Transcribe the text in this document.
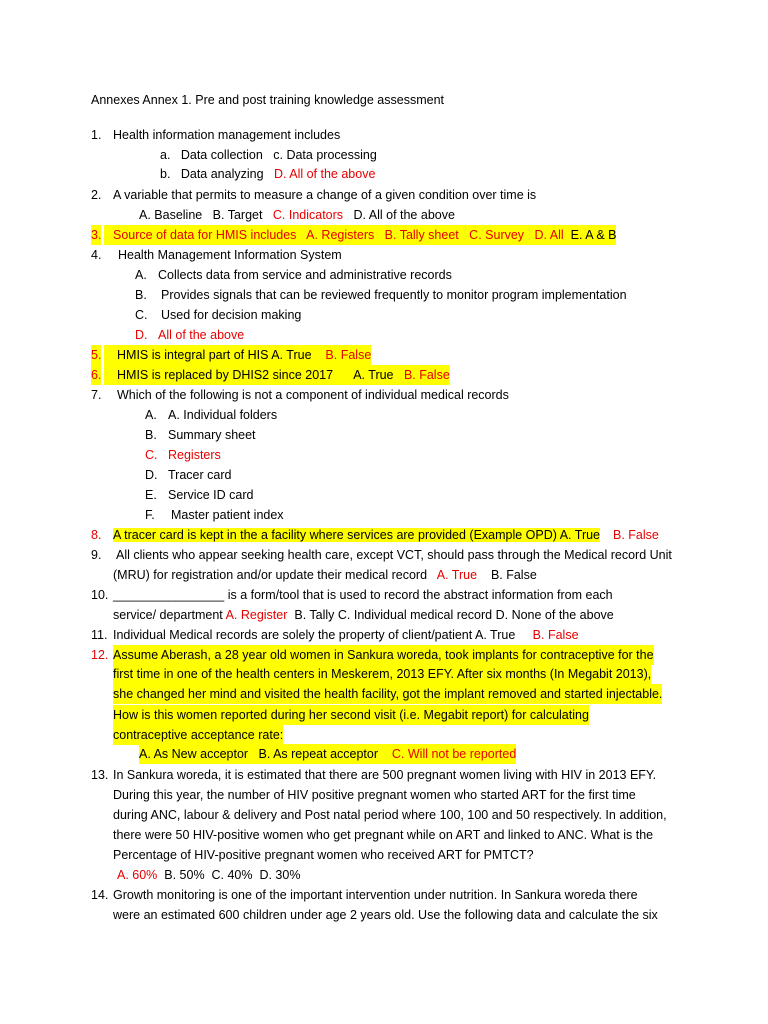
Annexes Annex 1. Pre and post training knowledge assessment
1. Health information management includes
a.   Data collection   c. Data processing
b.   Data analyzing   D. All of the above
2. A variable that permits to measure a change of a given condition over time is
A. Baseline   B. Target   C. Indicators   D. All of the above
3. Source of data for HMIS includes   A. Registers   B. Tally sheet   C. Survey   D. All  E. A & B
4. Health Management Information System
A. Collects data from service and administrative records
B. Provides signals that can be reviewed frequently to monitor program implementation
C. Used for decision making
D. All of the above
5.	HMIS is integral part of HIS A. True    B. False
6.	HMIS is replaced by DHIS2 since 2017      A. True   B. False
7. Which of the following is not a component of individual medical records
A. A. Individual folders
B. Summary sheet
C. Registers
D. Tracer card
E. Service ID card
F. Master patient index
8. A tracer card is kept in the a facility where services are provided (Example OPD) A. True B. False
9. All clients who appear seeking health care, except VCT, should pass through the Medical record Unit
(MRU) for registration and/or update their medical record   A. True    B. False
10. ________________ is a form/tool that is used to record the abstract information from each
service/ department A. Register  B. Tally C. Individual medical record D. None of the above
11. Individual Medical records are solely the property of client/patient A. True     B. False
12. Assume Aberash, a 28 year old women in Sankura woreda, took implants for contraceptive for the
first time in one of the health centers in Meskerem, 2013 EFY. After six months (In Megabit 2013),
she changed her mind and visited the health facility, got the implant removed and started injectable.
How is this women reported during her second visit (i.e. Megabit report) for calculating
contraceptive acceptance rate:
A. As New acceptor   B. As repeat acceptor    C. Will not be reported
13. In Sankura woreda, it is estimated that there are 500 pregnant women living with HIV in 2013 EFY.
During this year, the number of HIV positive pregnant women who started ART for the first time
during ANC, labour & delivery and Post natal period where 100, 100 and 50 respectively. In addition,
there were 50 HIV-positive women who get pregnant while on ART and linked to ANC. What is the
Percentage of HIV-positive pregnant women who received ART for PMTCT?
A. 60%  B. 50%  C. 40%  D. 30%
14. Growth monitoring is one of the important intervention under nutrition. In Sankura woreda there
were an estimated 600 children under age 2 years old. Use the following data and calculate the six
